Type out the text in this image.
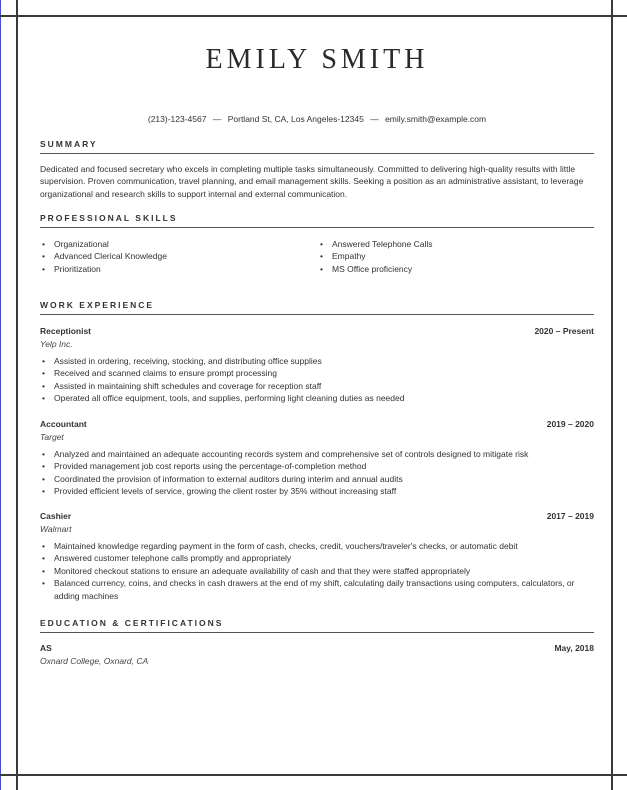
EMILY SMITH
(213)-123-4567 — Portland St, CA, Los Angeles-12345 — emily.smith@example.com
SUMMARY
Dedicated and focused secretary who excels in completing multiple tasks simultaneously. Committed to delivering high-quality results with little supervision. Proven communication, travel planning, and email management skills. Seeking a position as an administrative assistant, to leverage organizational and research skills to support internal and external communication.
PROFESSIONAL SKILLS
• Organizational
• Advanced Clerical Knowledge
• Prioritization
• Answered Telephone Calls
• Empathy
• MS Office proficiency
WORK EXPERIENCE
Receptionist	2020 – Present
Yelp Inc.
• Assisted in ordering, receiving, stocking, and distributing office supplies
• Received and scanned claims to ensure prompt processing
• Assisted in maintaining shift schedules and coverage for reception staff
• Operated all office equipment, tools, and supplies, performing light cleaning duties as needed
Accountant	2019 – 2020
Target
• Analyzed and maintained an adequate accounting records system and comprehensive set of controls designed to mitigate risk
• Provided management job cost reports using the percentage-of-completion method
• Coordinated the provision of information to external auditors during interim and annual audits
• Provided efficient levels of service, growing the client roster by 35% without increasing staff
Cashier	2017 – 2019
Walmart
• Maintained knowledge regarding payment in the form of cash, checks, credit, vouchers/traveler's checks, or automatic debit
• Answered customer telephone calls promptly and appropriately
• Monitored checkout stations to ensure an adequate availability of cash and that they were staffed appropriately
• Balanced currency, coins, and checks in cash drawers at the end of my shift, calculating daily transactions using computers, calculators, or adding machines
EDUCATION & CERTIFICATIONS
AS	May, 2018
Oxnard College, Oxnard, CA
